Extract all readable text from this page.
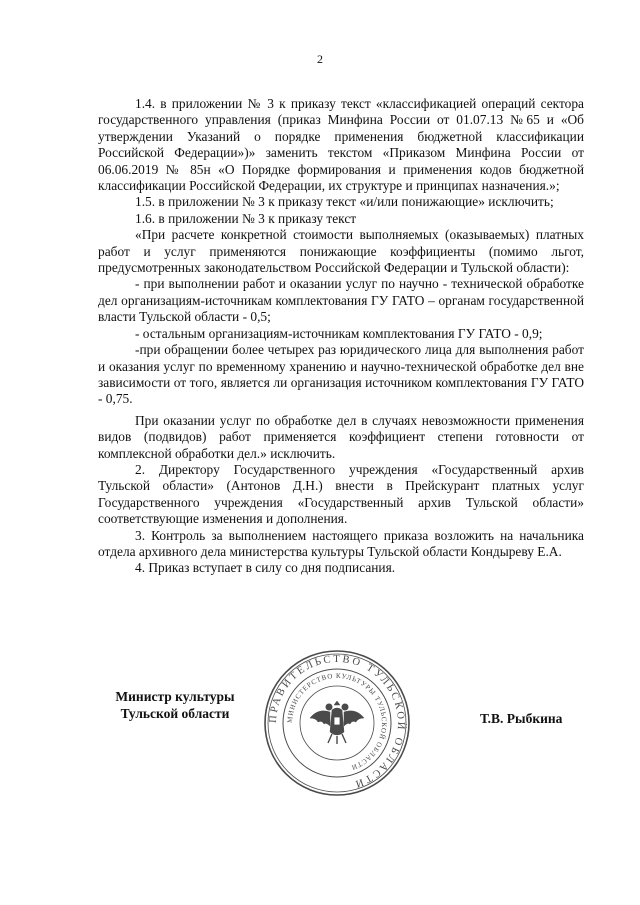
2

1.4. в приложении № 3 к приказу текст «классификацией операций сектора государственного управления (приказ Минфина России от 01.07.13 №65 и «Об утверждении Указаний о порядке применения бюджетной классификации Российской Федерации»)» заменить текстом «Приказом Минфина России от 06.06.2019 № 85н «О Порядке формирования и применения кодов бюджетной классификации Российской Федерации, их структуре и принципах назначения.»;

1.5. в приложении № 3 к приказу текст «и/или понижающие» исключить;

1.6. в приложении № 3 к приказу текст

«При расчете конкретной стоимости выполняемых (оказываемых) платных работ и услуг применяются понижающие коэффициенты (помимо льгот, предусмотренных законодательством Российской Федерации и Тульской области):

- при выполнении работ и оказании услуг по научно - технической обработке дел организациям-источникам комплектования ГУ ГАТО – органам государственной власти Тульской области - 0,5;

- остальным организациям-источникам комплектования ГУ ГАТО - 0,9;

-при обращении более четырех раз юридического лица для выполнения работ и оказания услуг по временному хранению и научно-технической обработке дел вне зависимости от того, является ли организация источником комплектования ГУ ГАТО - 0,75.

При оказании услуг по обработке дел в случаях невозможности применения видов (подвидов) работ применяется коэффициент степени готовности от комплексной обработки дел.» исключить.

2. Директору Государственного учреждения «Государственный архив Тульской области» (Антонов Д.Н.) внести в Прейскурант платных услуг Государственного учреждения «Государственный архив Тульской области» соответствующие изменения и дополнения.

3. Контроль за выполнением настоящего приказа возложить на начальника отдела архивного дела министерства культуры Тульской области Кондыреву Е.А.

4. Приказ вступает в силу со дня подписания.

Министр культуры
Тульской области	ПРАВИТЕЛЬСТВО ТУЛЬСКОЙ ОБЛАСТИ
МИНИСТЕРСТВО КУЛЬТУРЫ ТУЛЬСКОЙ ОБЛАСТИ
Т.В. Рыбкина
